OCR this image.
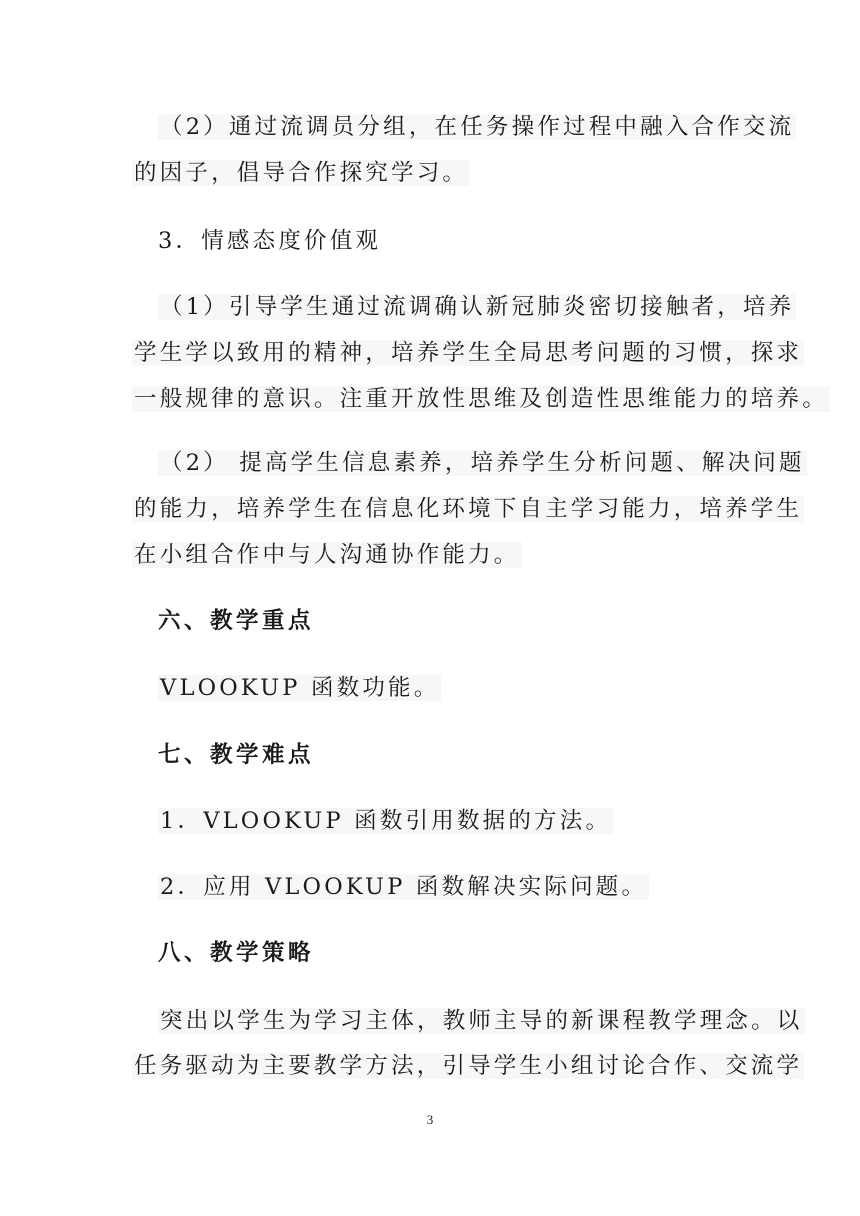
（2）通过流调员分组，在任务操作过程中融入合作交流
的因子，倡导合作探究学习。
3．情感态度价值观
（1）引导学生通过流调确认新冠肺炎密切接触者，培养
学生学以致用的精神，培养学生全局思考问题的习惯，探求
一般规律的意识。注重开放性思维及创造性思维能力的培养。
（2） 提高学生信息素养，培养学生分析问题、解决问题
的能力，培养学生在信息化环境下自主学习能力，培养学生
在小组合作中与人沟通协作能力。
六、教学重点
VLOOKUP 函数功能。
七、教学难点
1．VLOOKUP 函数引用数据的方法。
2．应用 VLOOKUP 函数解决实际问题。
八、教学策略
突出以学生为学习主体，教师主导的新课程教学理念。以
任务驱动为主要教学方法，引导学生小组讨论合作、交流学
3
